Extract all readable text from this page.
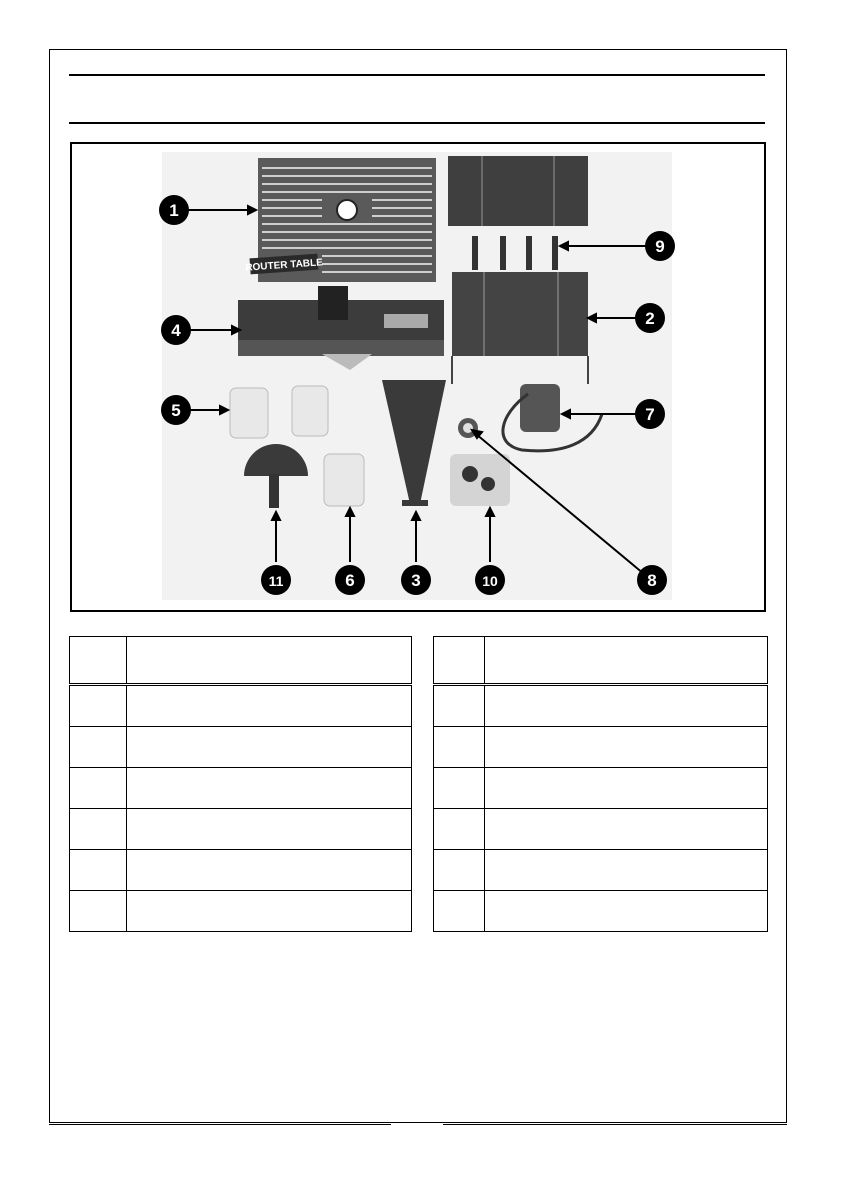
ROUTER TABLE
1
9
2
4
5	7
11	6	3	10	8
